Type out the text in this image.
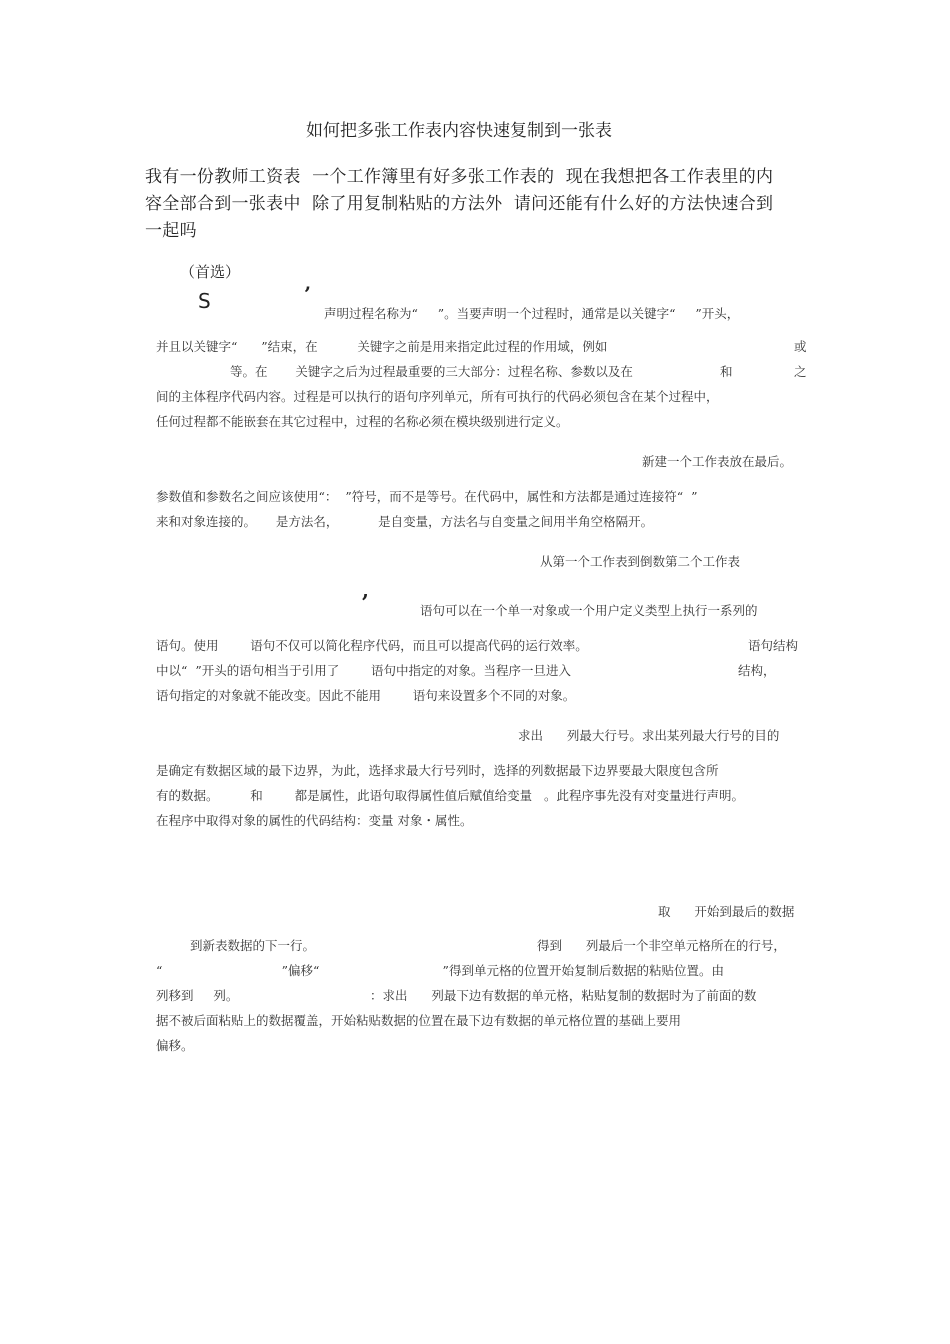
如何把多张工作表内容快速复制到一张表
我有一份教师工资表  一个工作簿里有好多张工作表的  现在我想把各工作表里的内
容全部合到一张表中  除了用复制粘贴的方法外  请问还能有什么好的方法快速合到
一起吗
（首选）
S	’
声明过程名称为“     ”。当要声明一个过程时，通常是以关键字“     ”开头，
并且以关键字“      ”结束，在          关键字之前是用来指定此过程的作用域，例如	或
等。在       关键字之后为过程最重要的三大部分：过程名称、参数以及在	和	之
间的主体程序代码内容。过程是可以执行的语句序列单元，所有可执行的代码必须包含在某个过程中，
任何过程都不能嵌套在其它过程中，过程的名称必须在模块级别进行定义。
新建一个工作表放在最后。
参数值和参数名之间应该使用“：  ”符号，而不是等号。在代码中，属性和方法都是通过连接符“  ”
来和对象连接的。     是方法名，          是自变量，方法名与自变量之间用半角空格隔开。
从第一个工作表到倒数第二个工作表
,
语句可以在一个单一对象或一个用户定义类型上执行一系列的
语句。使用        语句不仅可以简化程序代码，而且可以提高代码的运行效率。	语句结构
中以“  ”开头的语句相当于引用了        语句中指定的对象。当程序一旦进入	结构，
语句指定的对象就不能改变。因此不能用        语句来设置多个不同的对象。
求出      列最大行号。求出某列最大行号的目的
是确定有数据区域的最下边界，为此，选择求最大行号列时，选择的列数据最下边界要最大限度包含所
有的数据。        和        都是属性，此语句取得属性值后赋值给变量   。此程序事先没有对变量进行声明。
在程序中取得对象的属性的代码结构：变量 对象・属性。
取      开始到最后的数据
到新表数据的下一行。	得到      列最后一个非空单元格所在的行号，
“                              ”偏移“                               ”得到单元格的位置开始复制后数据的粘贴位置。由
列移到     列。	：求出      列最下边有数据的单元格，粘贴复制的数据时为了前面的数
据不被后面粘贴上的数据覆盖，开始粘贴数据的位置在最下边有数据的单元格位置的基础上要用
偏移。
